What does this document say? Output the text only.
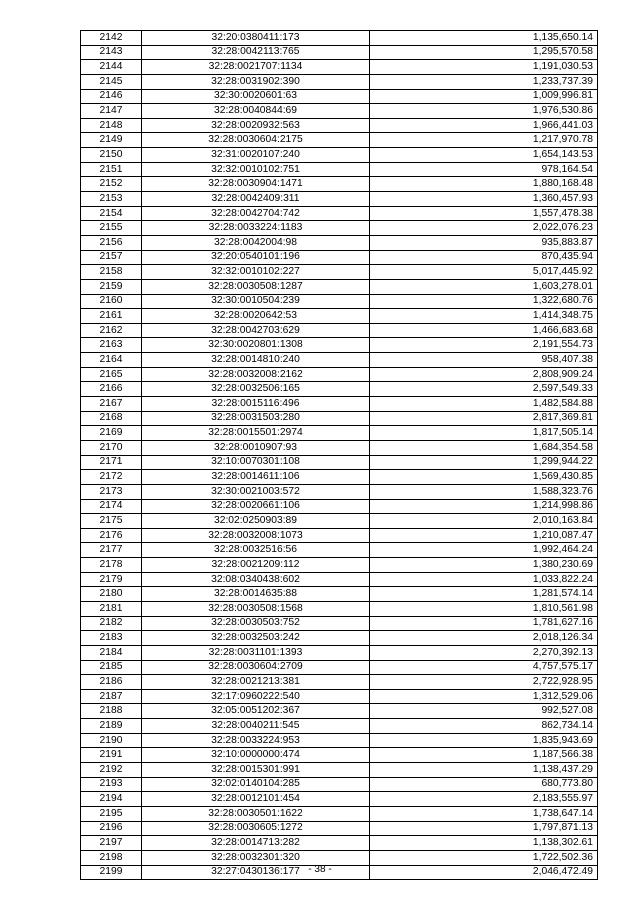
2142	32:20:0380411:173	1,135,650.14
2143	32:28:0042113:765	1,295,570.58
2144	32:28:0021707:1134	1,191,030.53
2145	32:28:0031902:390	1,233,737.39
2146	32:30:0020601:63	1,009,996.81
2147	32:28:0040844:69	1,976,530.86
2148	32:28:0020932:563	1,966,441.03
2149	32:28:0030604:2175	1,217,970.78
2150	32:31:0020107:240	1,654,143.53
2151	32:32:0010102:751	978,164.54
2152	32:28:0030904:1471	1,880,168.48
2153	32:28:0042409:311	1,360,457.93
2154	32:28:0042704:742	1,557,478.38
2155	32:28:0033224:1183	2,022,076.23
2156	32:28:0042004:98	935,883.87
2157	32:20:0540101:196	870,435.94
2158	32:32:0010102:227	5,017,445.92
2159	32:28:0030508:1287	1,603,278.01
2160	32:30:0010504:239	1,322,680.76
2161	32:28:0020642:53	1,414,348.75
2162	32:28:0042703:629	1,466,683.68
2163	32:30:0020801:1308	2,191,554.73
2164	32:28:0014810:240	958,407.38
2165	32:28:0032008:2162	2,808,909.24
2166	32:28:0032506:165	2,597,549.33
2167	32:28:0015116:496	1,482,584.88
2168	32:28:0031503:280	2,817,369.81
2169	32:28:0015501:2974	1,817,505.14
2170	32:28:0010907:93	1,684,354.58
2171	32:10:0070301:108	1,299,944.22
2172	32:28:0014611:106	1,569,430.85
2173	32:30:0021003:572	1,588,323.76
2174	32:28:0020661:106	1,214,998.86
2175	32:02:0250903:89	2,010,163.84
2176	32:28:0032008:1073	1,210,087.47
2177	32:28:0032516:56	1,992,464.24
2178	32:28:0021209:112	1,380,230.69
2179	32:08:0340438:602	1,033,822.24
2180	32:28:0014635:88	1,281,574.14
2181	32:28:0030508:1568	1,810,561.98
2182	32:28:0030503:752	1,781,627.16
2183	32:28:0032503:242	2,018,126.34
2184	32:28:0031101:1393	2,270,392.13
2185	32:28:0030604:2709	4,757,575.17
2186	32:28:0021213:381	2,722,928.95
2187	32:17:0960222:540	1,312,529.06
2188	32:05:0051202:367	992,527.08
2189	32:28:0040211:545	862,734.14
2190	32:28:0033224:953	1,835,943.69
2191	32:10:0000000:474	1,187,566.38
2192	32:28:0015301:991	1,138,437.29
2193	32:02:0140104:285	680,773.80
2194	32:28:0012101:454	2,183,555.97
2195	32:28:0030501:1622	1,738,647.14
2196	32:28:0030605:1272	1,797,871.13
2197	32:28:0014713:282	1,138,302.61
2198	32:28:0032301:320	1,722,502.36
2199	32:27:0430136:177	2,046,472.49
- 38 -
